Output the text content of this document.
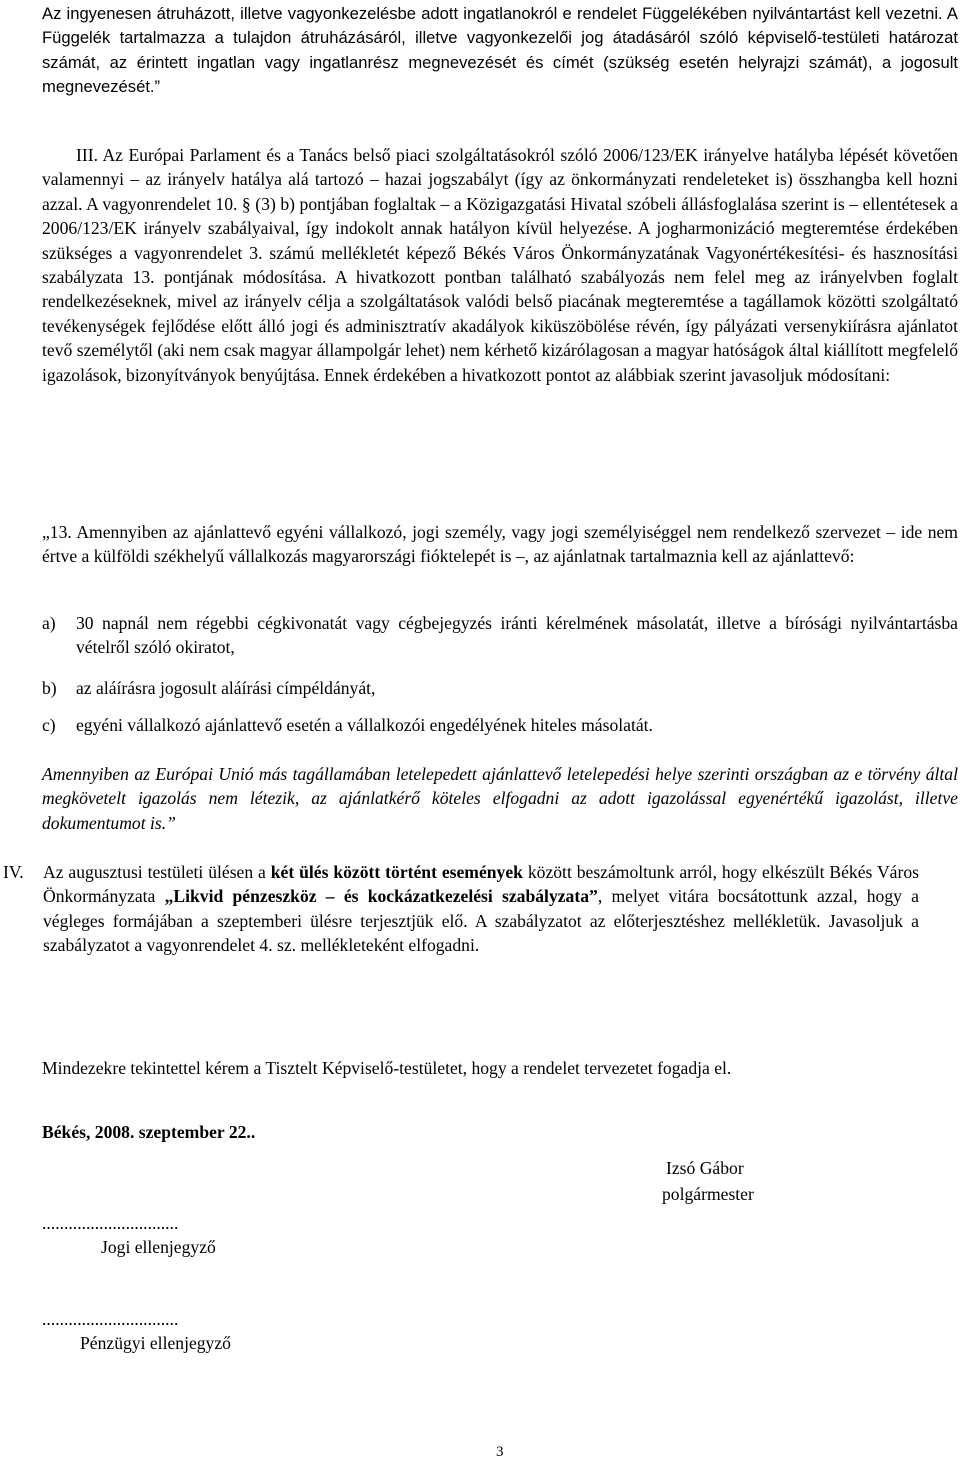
Az ingyenesen átruházott, illetve vagyonkezelésbe adott ingatlanokról e rendelet Függelékében nyilvántartást kell vezetni. A Függelék tartalmazza a tulajdon átruházásáról, illetve vagyonkezelői jog átadásáról szóló képviselő-testületi határozat számát, az érintett ingatlan vagy ingatlanrész megnevezését és címét (szükség esetén helyrajzi számát), a jogosult megnevezését.”
III. Az Európai Parlament és a Tanács belső piaci szolgáltatásokról szóló 2006/123/EK irányelve hatályba lépését követően valamennyi – az irányelv hatálya alá tartozó – hazai jogszabályt (így az önkormányzati rendeleteket is) összhangba kell hozni azzal. A vagyonrendelet 10. § (3) b) pontjában foglaltak – a Közigazgatási Hivatal szóbeli állásfoglalása szerint is – ellentétesek a 2006/123/EK irányelv szabályaival, így indokolt annak hatályon kívül helyezése. A jogharmonizáció megteremtése érdekében szükséges a vagyonrendelet 3. számú mellékletét képező Békés Város Önkormányzatának Vagyonértékesítési- és hasznosítási szabályzata 13. pontjának módosítása. A hivatkozott pontban található szabályozás nem felel meg az irányelvben foglalt rendelkezéseknek, mivel az irányelv célja a szolgáltatások valódi belső piacának megteremtése a tagállamok közötti szolgáltató tevékenységek fejlődése előtt álló jogi és adminisztratív akadályok kiküszöbölése révén, így pályázati versenykiírásra ajánlatot tevő személytől (aki nem csak magyar állampolgár lehet) nem kérhető kizárólagosan a magyar hatóságok által kiállított megfelelő igazolások, bizonyítványok benyújtása. Ennek érdekében a hivatkozott pontot az alábbiak szerint javasoljuk módosítani:
„13. Amennyiben az ajánlattevő egyéni vállalkozó, jogi személy, vagy jogi személyiséggel nem rendelkező szervezet – ide nem értve a külföldi székhelyű vállalkozás magyarországi fióktelepét is –, az ajánlatnak tartalmaznia kell az ajánlattevő:
a) 30 napnál nem régebbi cégkivonatát vagy cégbejegyzés iránti kérelmének másolatát, illetve a bírósági nyilvántartásba vételről szóló okiratot,
b) az aláírásra jogosult aláírási címpéldányát,
c) egyéni vállalkozó ajánlattevő esetén a vállalkozói engedélyének hiteles másolatát.
Amennyiben az Európai Unió más tagállamában letelepedett ajánlattevő letelepedési helye szerinti országban az e törvény által megkövetelt igazolás nem létezik, az ajánlatkérő köteles elfogadni az adott igazolással egyenértékű igazolást, illetve dokumentumot is.”
IV. Az augusztusi testületi ülésen a két ülés között történt események között beszámoltunk arról, hogy elkészült Békés Város Önkormányzata „Likvid pénzeszköz – és kockázatkezelési szabályzata”, melyet vitára bocsátottunk azzal, hogy a végleges formájában a szeptemberi ülésre terjesztjük elő. A szabályzatot az előterjesztéshez mellékletük. Javasoljuk a szabályzatot a vagyonrendelet 4. sz. mellékleteként elfogadni.
Mindezekre tekintettel kérem a Tisztelt Képviselő-testületet, hogy a rendelet tervezetet fogadja el.
Békés, 2008. szeptember 22..
Izsó Gábor
polgármester
...............................
Jogi ellenjegyző
...............................
Pénzügyi ellenjegyző
3
